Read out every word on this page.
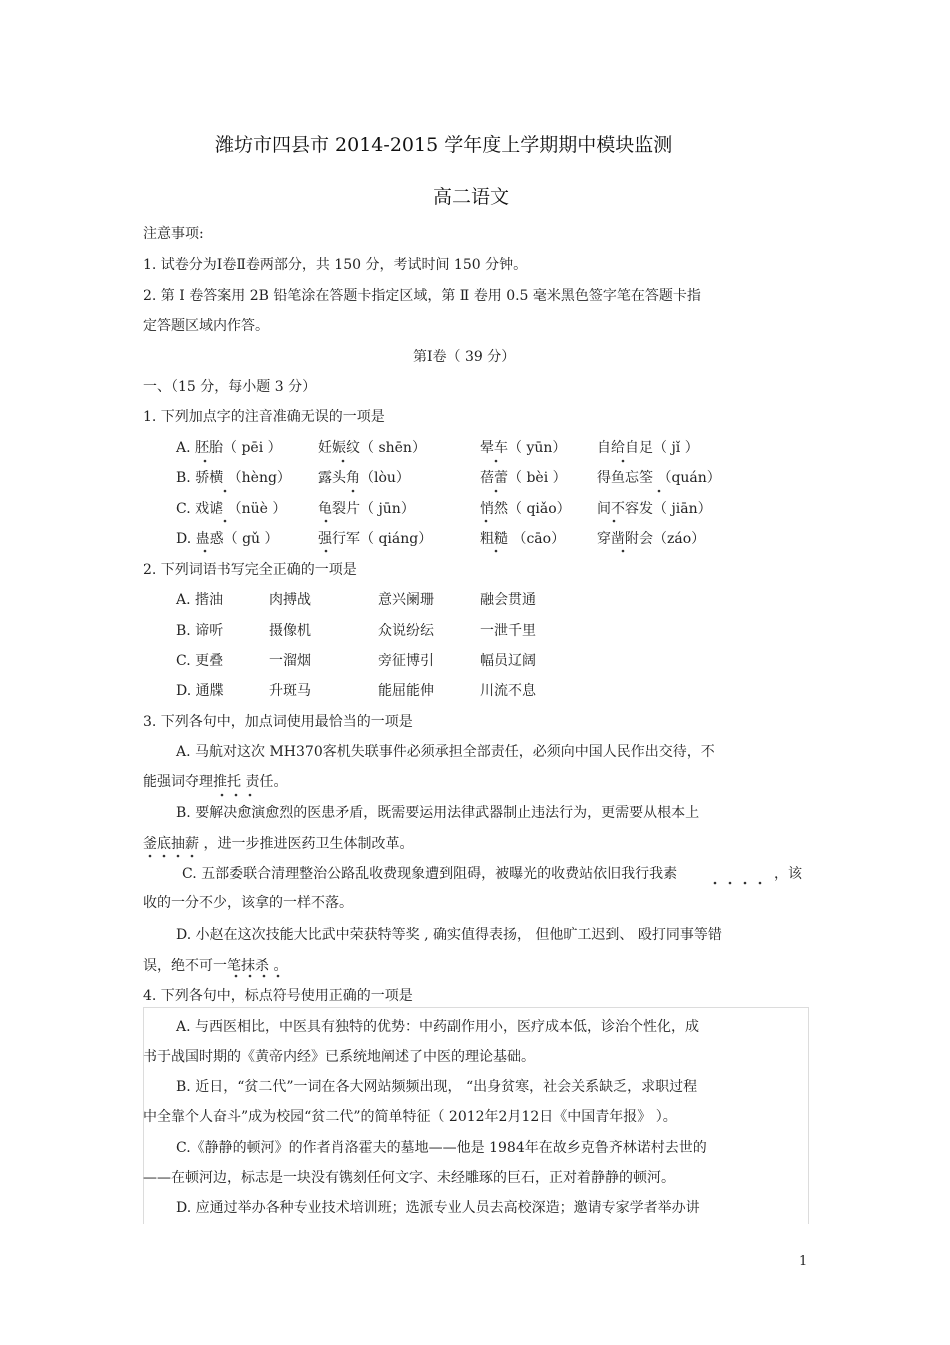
潍坊市四县市 2014-2015 学年度上学期期中模块监测
高二语文
注意事项:
1. 试卷分为Ⅰ卷Ⅱ卷两部分，共 150 分，考试时间 150 分钟。
2. 第 Ⅰ 卷答案用 2B 铅笔涂在答题卡指定区域，第 Ⅱ 卷用 0.5 毫米黑色签字笔在答题卡指
定答题区域内作答。
第Ⅰ卷（ 39 分）
一、（15 分，每小题 3 分）
1. 下列加点字的注音准确无误的一项是
A. 胚胎（ pēi ）	妊娠纹（ shēn）	晕车（ yūn） 自给自足（ jǐ ）
B. 骄横 （hèng） 露头角（lòu）	蓓蕾（ bèi ） 得鱼忘筌 （quán）
C. 戏谑 （nüè ） 龟裂片（ jūn）	悄然（ qiǎo） 间不容发（ jiān）
D. 蛊惑（ gǔ ）	强行军（ qiáng）	粗糙 （cāo） 穿凿附会（záo）
2. 下列词语书写完全正确的一项是
A. 揩油	肉搏战	意兴阑珊	融会贯通
B. 谛听	摄像机	众说纷纭	一泄千里
C. 更叠	一溜烟	旁征博引	幅员辽阔
D. 通牒	升斑马	能屈能伸	川流不息
3. 下列各句中，加点词使用最恰当的一项是
A. 马航对这次 MH370客机失联事件必须承担全部责任，必须向中国人民作出交待，不
能强词夺理推托 责任。
B. 要解决愈演愈烈的医患矛盾，既需要运用法律武器制止违法行为，更需要从根本上
釜底抽薪 ，进一步推进医药卫生体制改革。
C. 五部委联合清理整治公路乱收费现象遭到阻碍，被曝光的收费站依旧我行我素	，该
收的一分不少，该拿的一样不落。
D. 小赵在这次技能大比武中荣获特等奖 , 确实值得表扬， 但他旷工迟到、 殴打同事等错
误，绝不可一笔抹杀 。
4. 下列各句中，标点符号使用正确的一项是
A. 与西医相比，中医具有独特的优势：中药副作用小，医疗成本低，诊治个性化，成
书于战国时期的《黄帝内经》已系统地阐述了中医的理论基础。
B. 近日，“贫二代”一词在各大网站频频出现， “出身贫寒，社会关系缺乏，求职过程
中全靠个人奋斗”成为校园“贫二代”的简单特征（ 2012年2月12日《中国青年报》 ）。
C.《静静的顿河》的作者肖洛霍夫的墓地——他是 1984年在故乡克鲁齐林诺村去世的
——在顿河边，标志是一块没有镌刻任何文字、未经雕琢的巨石，正对着静静的顿河。
D. 应通过举办各种专业技术培训班；选派专业人员去高校深造；邀请专家学者举办讲
1
